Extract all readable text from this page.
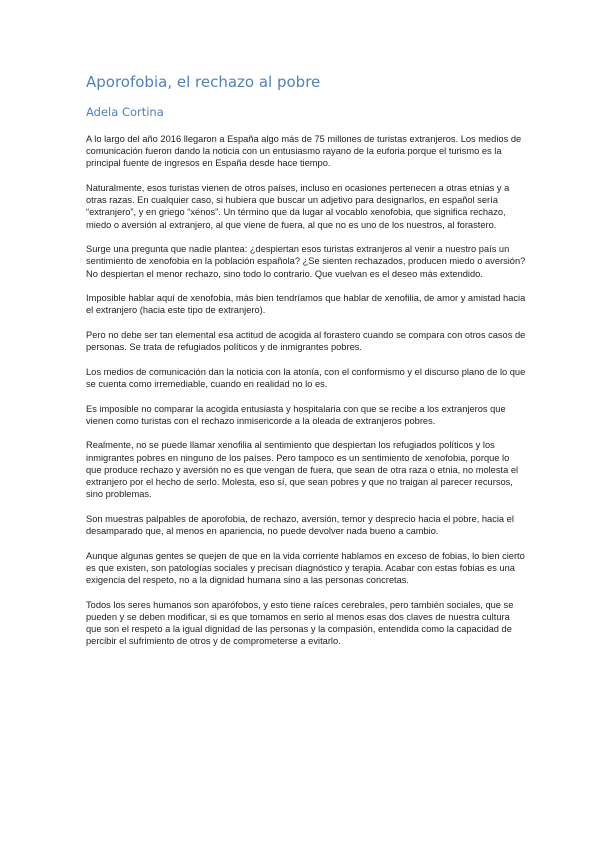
Aporofobia, el rechazo al pobre
Adela Cortina

A lo largo del año 2016 llegaron a España algo más de 75 millones de turistas extranjeros. Los medios de comunicación fueron dando la noticia con un entusiasmo rayano de la euforia porque el turismo es la principal fuente de ingresos en España desde hace tiempo.

Naturalmente, esos turistas vienen de otros países, incluso en ocasiones pertenecen a otras etnias y a otras razas. En cualquier caso, si hubiera que buscar un adjetivo para designarlos, en español sería “extranjero”, y en griego “xénos”. Un término que da lugar al vocablo xenofobia, que significa rechazo, miedo o aversión al extranjero, al que viene de fuera, al que no es uno de los nuestros, al forastero.

Surge una pregunta que nadie plantea: ¿despiertan esos turistas extranjeros al venir a nuestro país un sentimiento de xenofobia en la población española? ¿Se sienten rechazados, producen miedo o aversión? No despiertan el menor rechazo, sino todo lo contrario. Que vuelvan es el deseo más extendido.

Imposible hablar aquí de xenofobia, más bien tendríamos que hablar de xenofilia, de amor y amistad hacia el extranjero (hacia este tipo de extranjero).

Pero no debe ser tan elemental esa actitud de acogida al forastero cuando se compara con otros casos de personas. Se trata de refugiados políticos y de inmigrantes pobres.

Los medios de comunicación dan la noticia con la atonía, con el conformismo y el discurso plano de lo que se cuenta como irremediable, cuando en realidad no lo es.

Es imposible no comparar la acogida entusiasta y hospitalaria con que se recibe a los extranjeros que vienen como turistas con el rechazo inmisericorde a la oleada de extranjeros pobres.

Realmente, no se puede llamar xenofilia al sentimiento que despiertan los refugiados políticos y los inmigrantes pobres en ninguno de los países. Pero tampoco es un sentimiento de xenofobia, porque lo que produce rechazo y aversión no es que vengan de fuera, que sean de otra raza o etnia, no molesta el extranjero por el hecho de serlo. Molesta, eso sí, que sean pobres y que no traigan al parecer recursos, sino problemas.

Son muestras palpables de aporofobia, de rechazo, aversión, temor y desprecio hacia el pobre, hacia el desamparado que, al menos en apariencia, no puede devolver nada bueno a cambio.

Aunque algunas gentes se quejen de que en la vida corriente hablamos en exceso de fobias, lo bien cierto es que existen, son patologías sociales y precisan diagnóstico y terapia. Acabar con estas fobias es una exigencia del respeto, no a la dignidad humana sino a las personas concretas.

Todos los seres humanos son aparófobos, y esto tiene raíces cerebrales, pero también sociales, que se pueden y se deben modificar, si es que tomamos en serio al menos esas dos claves de nuestra cultura que son el respeto a la igual dignidad de las personas y la compasión, entendida como la capacidad de percibir el sufrimiento de otros y de comprometerse a evitarlo.
